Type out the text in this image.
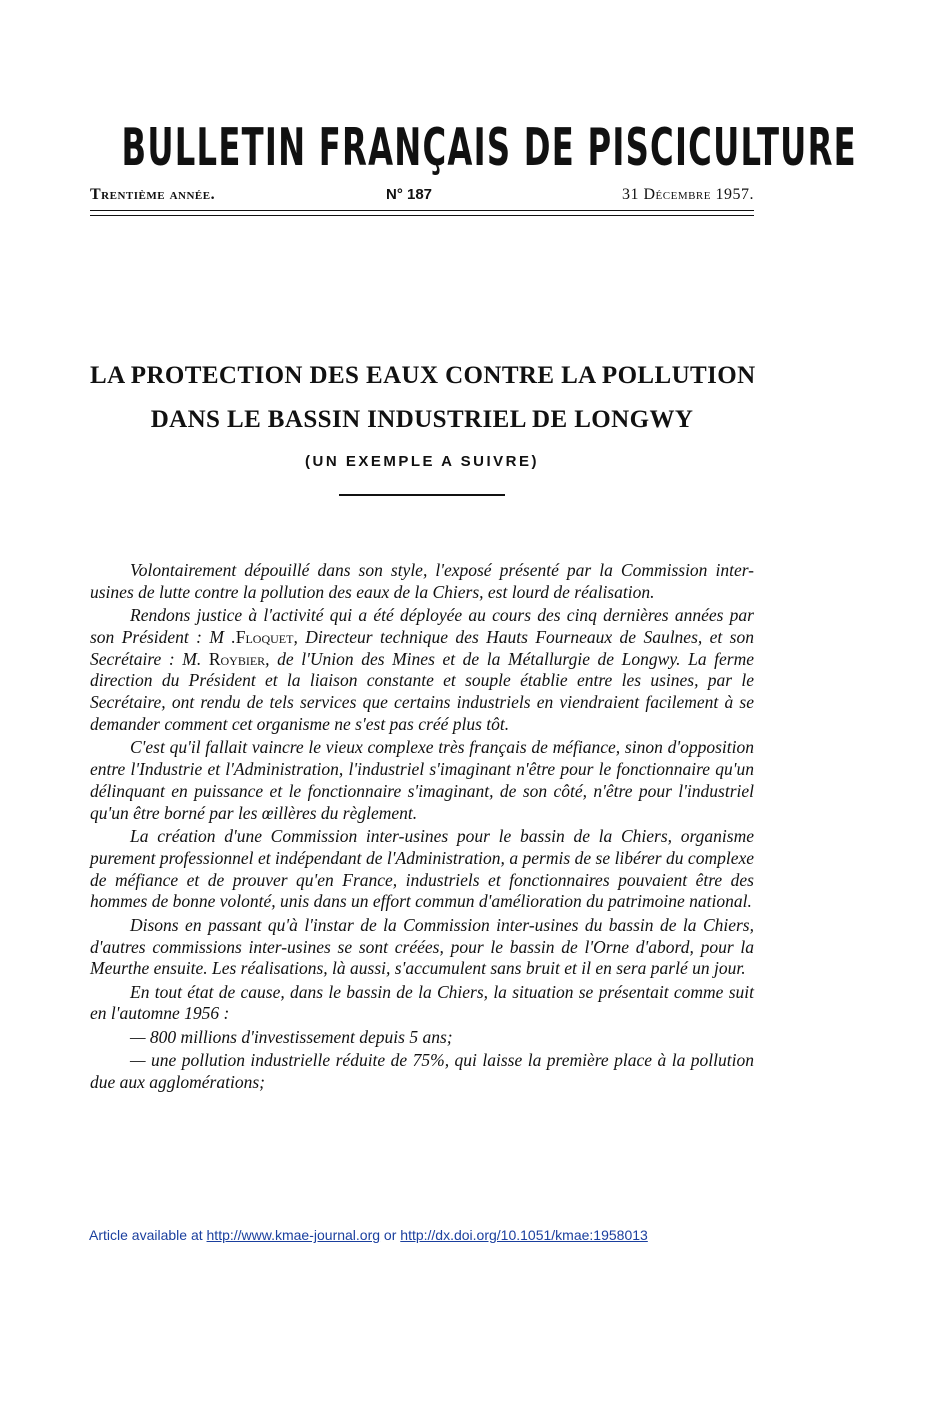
BULLETIN FRANÇAIS DE PISCICULTURE
Trentième année.	N° 187	31 Décembre 1957.
LA PROTECTION DES EAUX CONTRE LA POLLUTION
DANS LE BASSIN INDUSTRIEL DE LONGWY
(UN EXEMPLE A SUIVRE)

Volontairement dépouillé dans son style, l'exposé présenté par la Commission inter-usines de lutte contre la pollution des eaux de la Chiers, est lourd de réalisation.

Rendons justice à l'activité qui a été déployée au cours des cinq dernières années par son Président : M .Floquet, Directeur technique des Hauts Fourneaux de Saulnes, et son Secrétaire : M. Roybier, de l'Union des Mines et de la Métallurgie de Longwy. La ferme direction du Président et la liaison constante et souple établie entre les usines, par le Secrétaire, ont rendu de tels services que certains industriels en viendraient facilement à se demander comment cet organisme ne s'est pas créé plus tôt.

C'est qu'il fallait vaincre le vieux complexe très français de méfiance, sinon d'opposition entre l'Industrie et l'Administration, l'industriel s'imaginant n'être pour le fonctionnaire qu'un délinquant en puissance et le fonctionnaire s'imaginant, de son côté, n'être pour l'industriel qu'un être borné par les œillères du règlement.

La création d'une Commission inter-usines pour le bassin de la Chiers, organisme purement professionnel et indépendant de l'Administration, a permis de se libérer du complexe de méfiance et de prouver qu'en France, industriels et fonctionnaires pouvaient être des hommes de bonne volonté, unis dans un effort commun d'amélioration du patrimoine national.

Disons en passant qu'à l'instar de la Commission inter-usines du bassin de la Chiers, d'autres commissions inter-usines se sont créées, pour le bassin de l'Orne d'abord, pour la Meurthe ensuite. Les réalisations, là aussi, s'accumulent sans bruit et il en sera parlé un jour.

En tout état de cause, dans le bassin de la Chiers, la situation se présentait comme suit en l'automne 1956 :

— 800 millions d'investissement depuis 5 ans;

— une pollution industrielle réduite de 75%, qui laisse la première place à la pollution due aux agglomérations;

Article available at http://www.kmae-journal.org or http://dx.doi.org/10.1051/kmae:1958013
